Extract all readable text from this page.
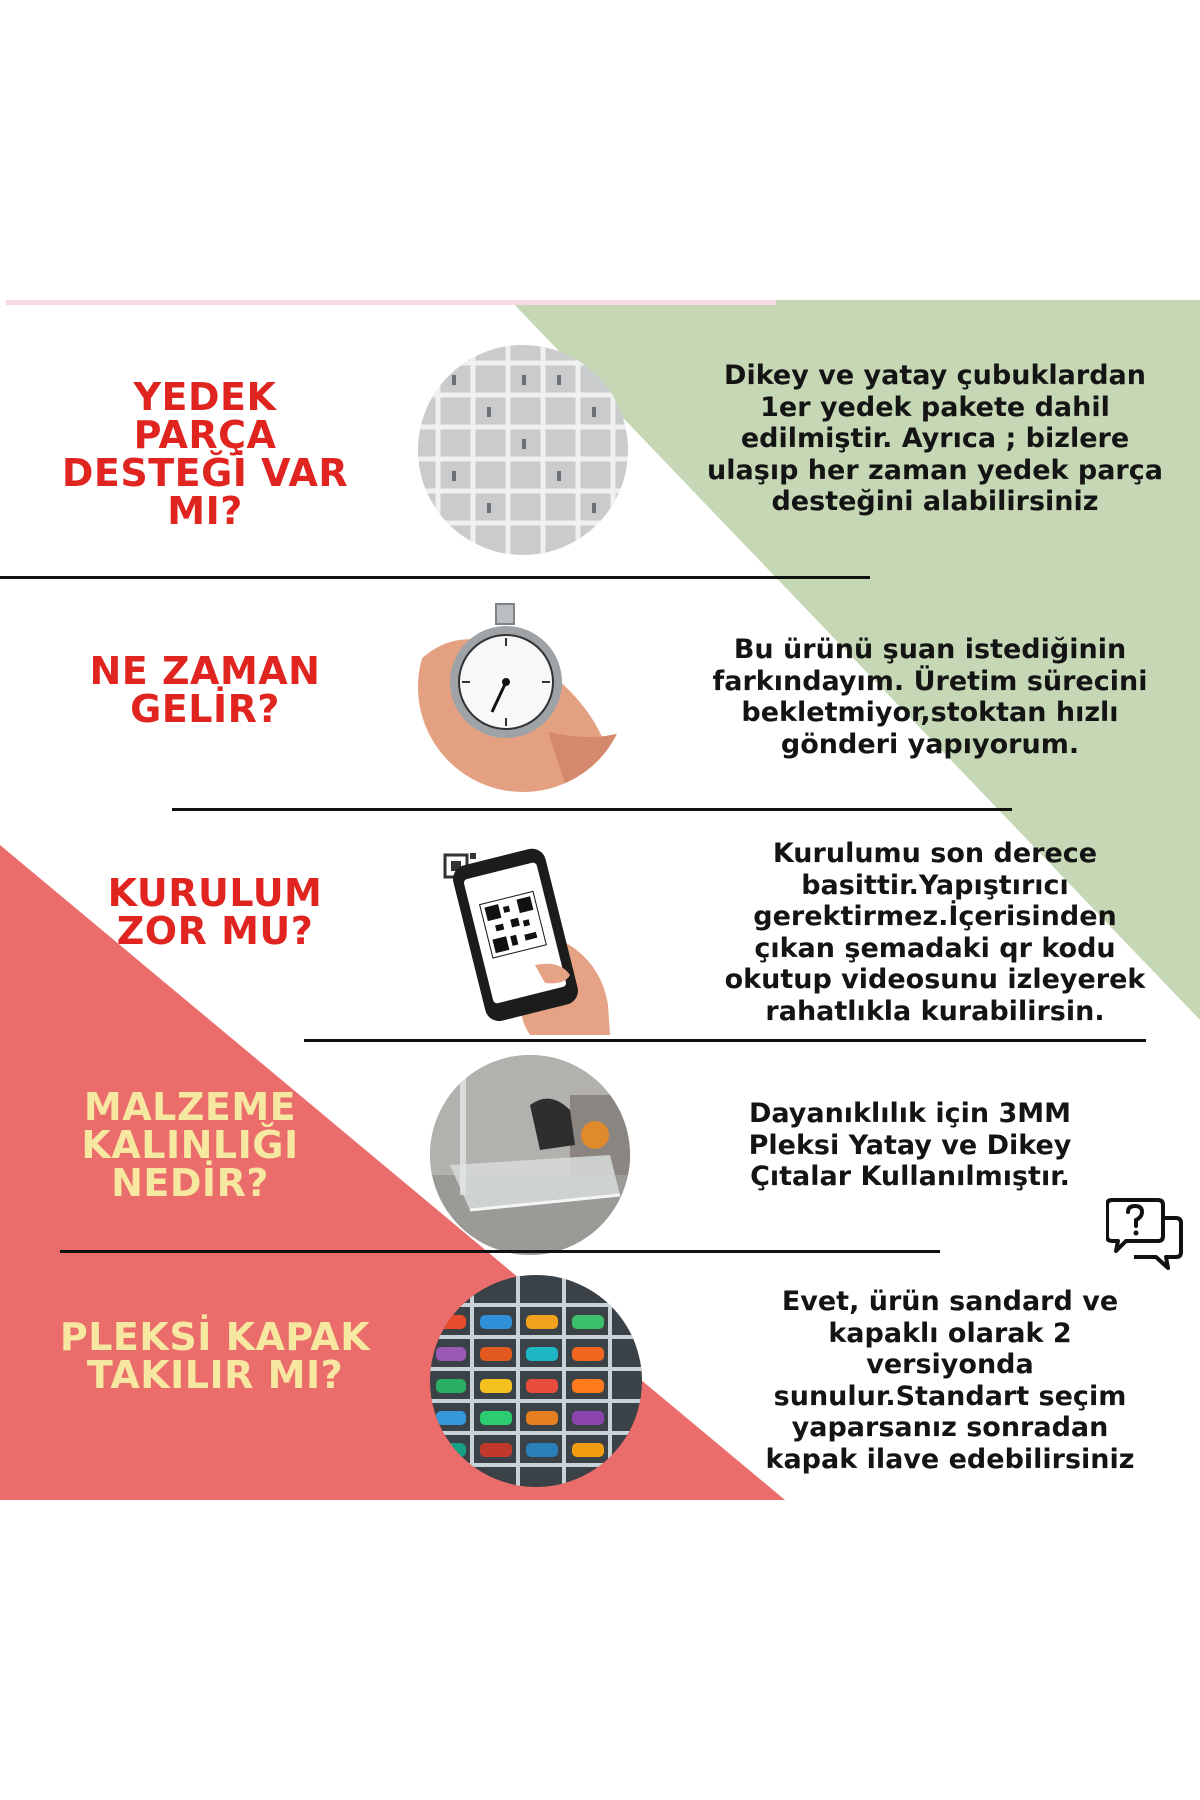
YEDEK
PARÇA
DESTEĞİ VAR
MI?
Dikey ve yatay çubuklardan
1er yedek pakete dahil
edilmiştir. Ayrıca ; bizlere
ulaşıp her zaman yedek parça
desteğini alabilirsiniz
NE ZAMAN
GELİR?
Bu ürünü şuan istediğinin
farkındayım. Üretim sürecini
bekletmiyor,stoktan hızlı
gönderi yapıyorum.
KURULUM
ZOR MU?
Kurulumu son derece
basittir.Yapıştırıcı
gerektirmez.İçerisinden
çıkan şemadaki qr kodu
okutup videosunu izleyerek
rahatlıkla kurabilirsin.
MALZEME
KALINLIĞI
NEDİR?
Dayanıklılık için 3MM
Pleksi Yatay ve Dikey
Çıtalar Kullanılmıştır.
PLEKSİ KAPAK
TAKILIR MI?
Evet, ürün sandard ve
kapaklı olarak 2
versiyonda
sunulur.Standart seçim
yaparsanız sonradan
kapak ilave edebilirsiniz
